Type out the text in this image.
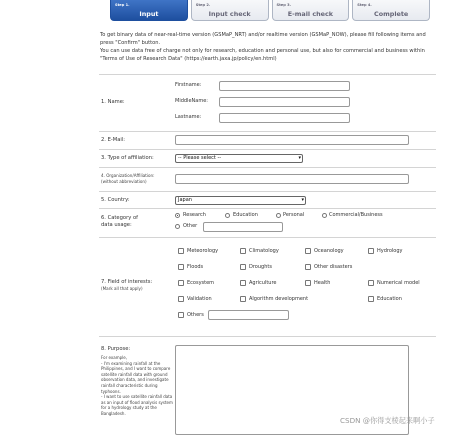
Step 1.
Input
Step 2.
Input check
Step 3.
E-mail check
Step 4.
Complete
To get binary data of near-real-time version (GSMaP_NRT) and/or realtime version (GSMaP_NOW), please fill following items and press "Confirm" button.
You can use data free of charge not only for research, education and personal use, but also for commercial and business within "Terms of Use of Research Data" (https://earth.jaxa.jp/policy/en.html)
1. Name:
Firstname:
MiddleName:
Lastname:
2. E-Mail:
3. Type of affiliation:	-- Please select --	▾
4. Organization/Affiliation:
(without abbreviation)
5. Country:	Japan	▾
6. Category of
data usage:
Research	Education	Personal	Commercial/Business
Other
7. Field of interests:
(Mark all that apply)
Meteorology	Climatology	Oceanology	Hydrology
Floods	Droughts	Other disasters
Ecosystem	Agriculture	Health	Numerical model
Validation	Algorithm development	Education
Others
8. Purpose:
For example,
- I'm examining rainfall at the Philippines, and I want to compare satellite rainfall data with ground observation data, and investigate rainfall characteristic during typhoons.
- I want to use satellite rainfall data as an input of flood analysis system for a hydrology study at the Bangladesh.
CSDN @你得支棱起来啊小子
